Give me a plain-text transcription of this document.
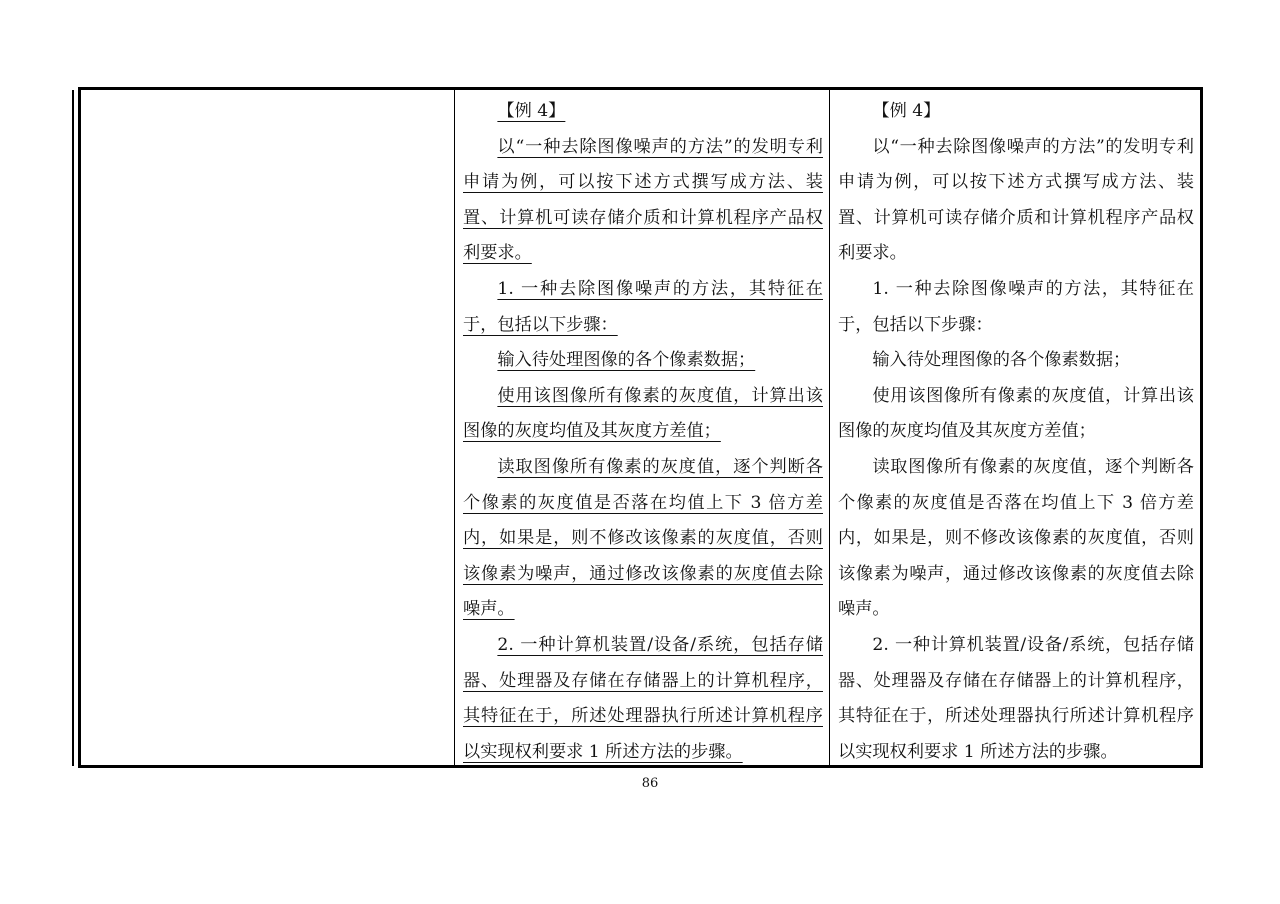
【例 4】

以“一种去除图像噪声的方法”的发明专利申请为例，可以按下述方式撰写成方法、装置、计算机可读存储介质和计算机程序产品权利要求。

1. 一种去除图像噪声的方法，其特征在于，包括以下步骤：

输入待处理图像的各个像素数据；

使用该图像所有像素的灰度值，计算出该图像的灰度均值及其灰度方差值；

读取图像所有像素的灰度值，逐个判断各个像素的灰度值是否落在均值上下 3 倍方差内，如果是，则不修改该像素的灰度值，否则该像素为噪声，通过修改该像素的灰度值去除噪声。

2. 一种计算机装置/设备/系统，包括存储器、处理器及存储在存储器上的计算机程序，其特征在于，所述处理器执行所述计算机程序以实现权利要求 1 所述方法的步骤。

【例 4】

以“一种去除图像噪声的方法”的发明专利申请为例，可以按下述方式撰写成方法、装置、计算机可读存储介质和计算机程序产品权利要求。

1. 一种去除图像噪声的方法，其特征在于，包括以下步骤：

输入待处理图像的各个像素数据；

使用该图像所有像素的灰度值，计算出该图像的灰度均值及其灰度方差值；

读取图像所有像素的灰度值，逐个判断各个像素的灰度值是否落在均值上下 3 倍方差内，如果是，则不修改该像素的灰度值，否则该像素为噪声，通过修改该像素的灰度值去除噪声。

2. 一种计算机装置/设备/系统，包括存储器、处理器及存储在存储器上的计算机程序，其特征在于，所述处理器执行所述计算机程序以实现权利要求 1 所述方法的步骤。

86
